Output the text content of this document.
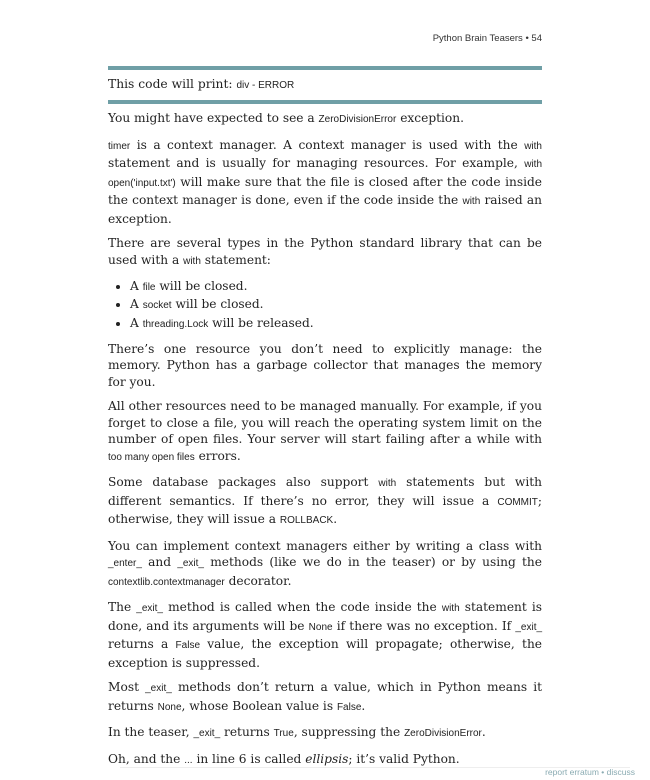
Python Brain Teasers • 54
This code will print: div - ERROR

You might have expected to see a ZeroDivisionError exception.

timer is a context manager. A context manager is used with the with statement and is usually for managing resources. For example, with open('input.txt') will make sure that the file is closed after the code inside the context manager is done, even if the code inside the with raised an exception.

There are several types in the Python standard library that can be used with a with statement:

• A file will be closed.
• A socket will be closed.
• A threading.Lock will be released.

There’s one resource you don’t need to explicitly manage: the memory. Python has a garbage collector that manages the memory for you.

All other resources need to be managed manually. For example, if you forget to close a file, you will reach the operating system limit on the number of open files. Your server will start failing after a while with too many open files errors.

Some database packages also support with statements but with different semantics. If there’s no error, they will issue a COMMIT; otherwise, they will issue a ROLLBACK.

You can implement context managers either by writing a class with _enter_ and _exit_ methods (like we do in the teaser) or by using the contextlib.contextmanager decorator.

The _exit_ method is called when the code inside the with statement is done, and its arguments will be None if there was no exception. If _exit_ returns a False value, the exception will propagate; otherwise, the exception is suppressed.

Most _exit_ methods don’t return a value, which in Python means it returns None, whose Boolean value is False.

In the teaser, _exit_ returns True, suppressing the ZeroDivisionError.

Oh, and the ... in line 6 is called ellipsis; it’s valid Python.

report erratum • discuss
